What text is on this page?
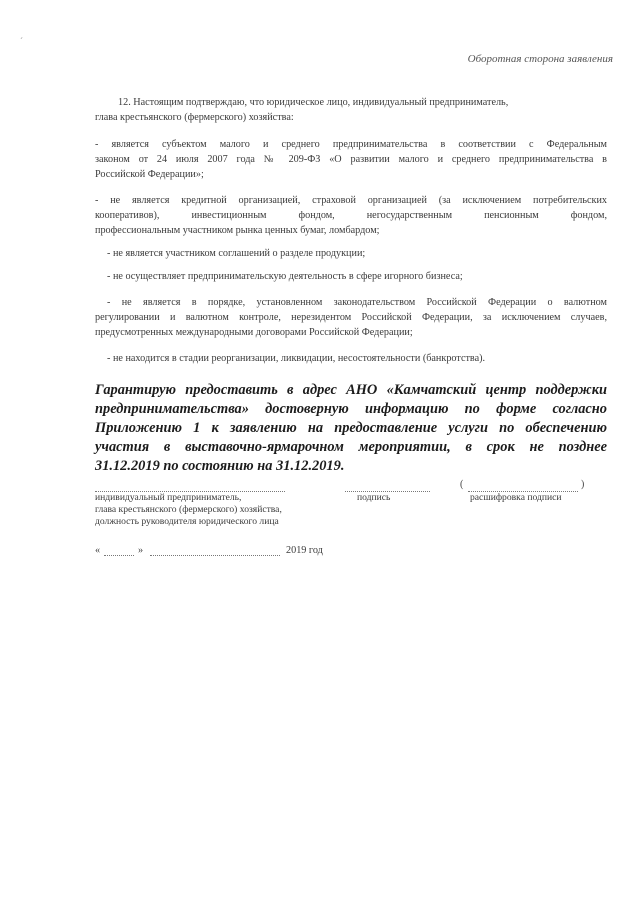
´
Оборотная сторона заявления
12. Настоящим подтверждаю, что юридическое лицо, индивидуальный предприниматель,
глава крестьянского (фермерского) хозяйства:
- является субъектом малого и среднего предпринимательства в соответствии с Федеральным
законом от 24 июля 2007 года № 209-ФЗ «О развитии малого и среднего предпринимательства в
Российской Федерации»;
- не является кредитной организацией, страховой организацией (за исключением потребительских
кооперативов), инвестиционным фондом, негосударственным пенсионным фондом,
профессиональным участником рынка ценных бумаг, ломбардом;
- не является участником соглашений о разделе продукции;
- не осуществляет предпринимательскую деятельность в сфере игорного бизнеса;
- не является в порядке, установленном законодательством Российской Федерации о валютном
регулировании и валютном контроле, нерезидентом Российской Федерации, за исключением случаев,
предусмотренных международными договорами Российской Федерации;
- не находится в стадии реорганизации, ликвидации, несостоятельности (банкротства).
Гарантирую предоставить в адрес АНО «Камчатский центр поддержки
предпринимательства» достоверную информацию по форме согласно
Приложению 1 к заявлению на предоставление услуги по обеспечению
участия в выставочно-ярмарочном мероприятии, в срок не позднее
31.12.2019 по состоянию на 31.12.2019.
(	)
индивидуальный предприниматель,
глава крестьянского (фермерского) хозяйства,
должность руководителя юридического лица
подпись	расшифровка подписи
«	»	2019 год
